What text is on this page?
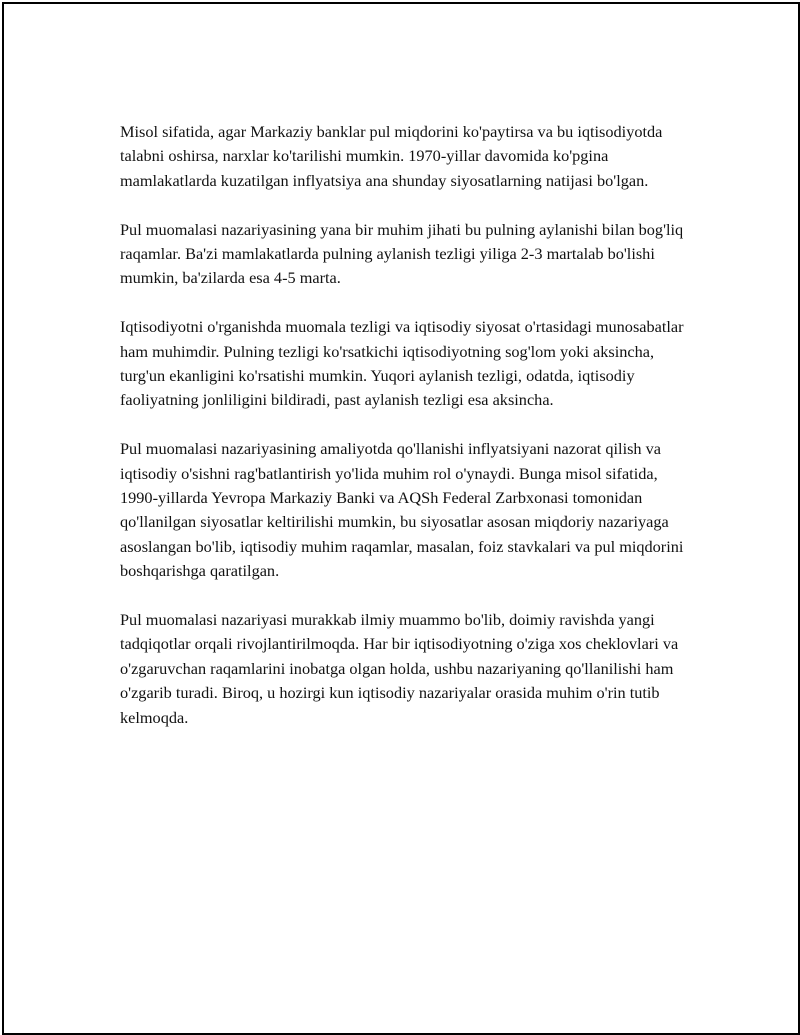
Misol sifatida, agar Markaziy banklar pul miqdorini ko'paytirsa va bu iqtisodiyotda talabni oshirsa, narxlar ko'tarilishi mumkin. 1970-yillar davomida ko'pgina mamlakatlarda kuzatilgan inflyatsiya ana shunday siyosatlarning natijasi bo'lgan.

Pul muomalasi nazariyasining yana bir muhim jihati bu pulning aylanishi bilan bog'liq raqamlar. Ba'zi mamlakatlarda pulning aylanish tezligi yiliga 2-3 martalab bo'lishi mumkin, ba'zilarda esa 4-5 marta.

Iqtisodiyotni o'rganishda muomala tezligi va iqtisodiy siyosat o'rtasidagi munosabatlar ham muhimdir. Pulning tezligi ko'rsatkichi iqtisodiyotning sog'lom yoki aksincha, turg'un ekanligini ko'rsatishi mumkin. Yuqori aylanish tezligi, odatda, iqtisodiy faoliyatning jonliligini bildiradi, past aylanish tezligi esa aksincha.

Pul muomalasi nazariyasining amaliyotda qo'llanishi inflyatsiyani nazorat qilish va iqtisodiy o'sishni rag'batlantirish yo'lida muhim rol o'ynaydi. Bunga misol sifatida, 1990-yillarda Yevropa Markaziy Banki va AQSh Federal Zarbxonasi tomonidan qo'llanilgan siyosatlar keltirilishi mumkin, bu siyosatlar asosan miqdoriy nazariyaga asoslangan bo'lib, iqtisodiy muhim raqamlar, masalan, foiz stavkalari va pul miqdorini boshqarishga qaratilgan.

Pul muomalasi nazariyasi murakkab ilmiy muammo bo'lib, doimiy ravishda yangi tadqiqotlar orqali rivojlantirilmoqda. Har bir iqtisodiyotning o'ziga xos cheklovlari va o'zgaruvchan raqamlarini inobatga olgan holda, ushbu nazariyaning qo'llanilishi ham o'zgarib turadi. Biroq, u hozirgi kun iqtisodiy nazariyalar orasida muhim o'rin tutib kelmoqda.
